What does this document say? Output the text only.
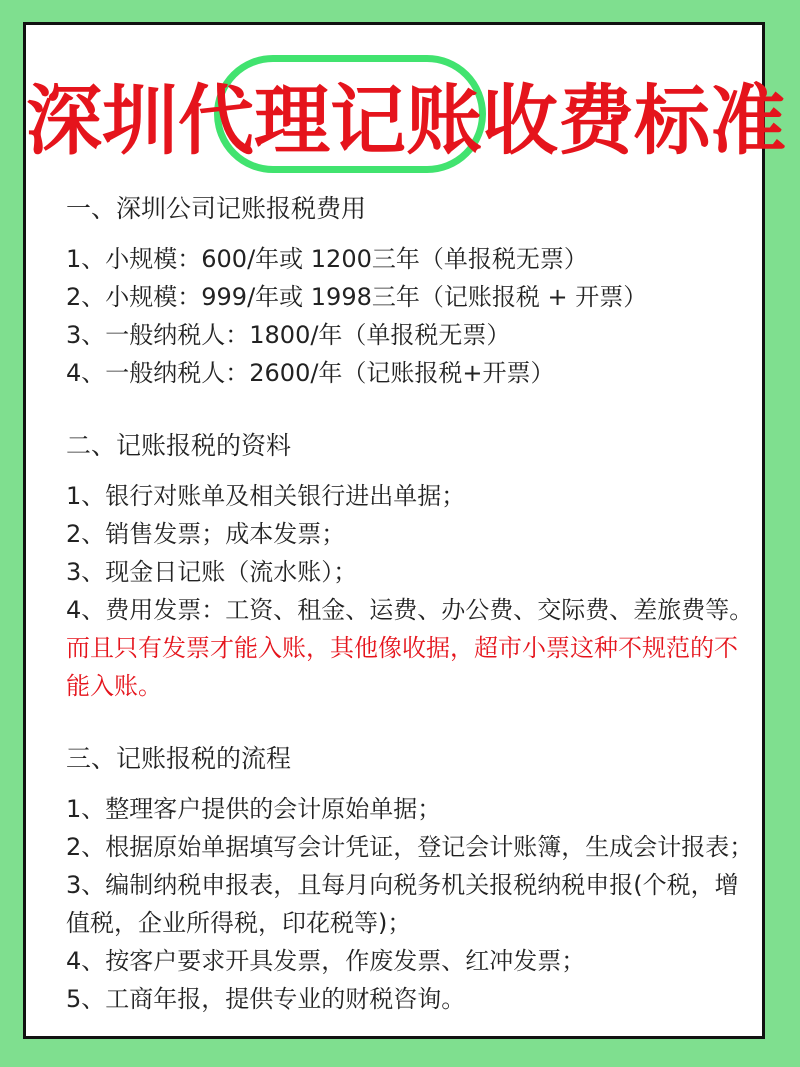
深圳代理记账收费标准
一、深圳公司记账报税费用
1、小规模：600/年或 1200三年（单报税无票）
2、小规模：999/年或 1998三年（记账报税 + 开票）
3、一般纳税人：1800/年（单报税无票）
4、一般纳税人：2600/年（记账报税+开票）
二、记账报税的资料
1、银行对账单及相关银行进出单据；
2、销售发票；成本发票；
3、现金日记账（流水账）；
4、费用发票：工资、租金、运费、办公费、交际费、差旅费等。 而且只有发票才能入账，其他像收据，超市小票这种不规范的不能入账。
三、记账报税的流程
1、整理客户提供的会计原始单据；
2、根据原始单据填写会计凭证，登记会计账簿，生成会计报表；
3、编制纳税申报表，且每月向税务机关报税纳税申报(个税，增值税，企业所得税，印花税等)；
4、按客户要求开具发票，作废发票、红冲发票；
5、工商年报，提供专业的财税咨询。
